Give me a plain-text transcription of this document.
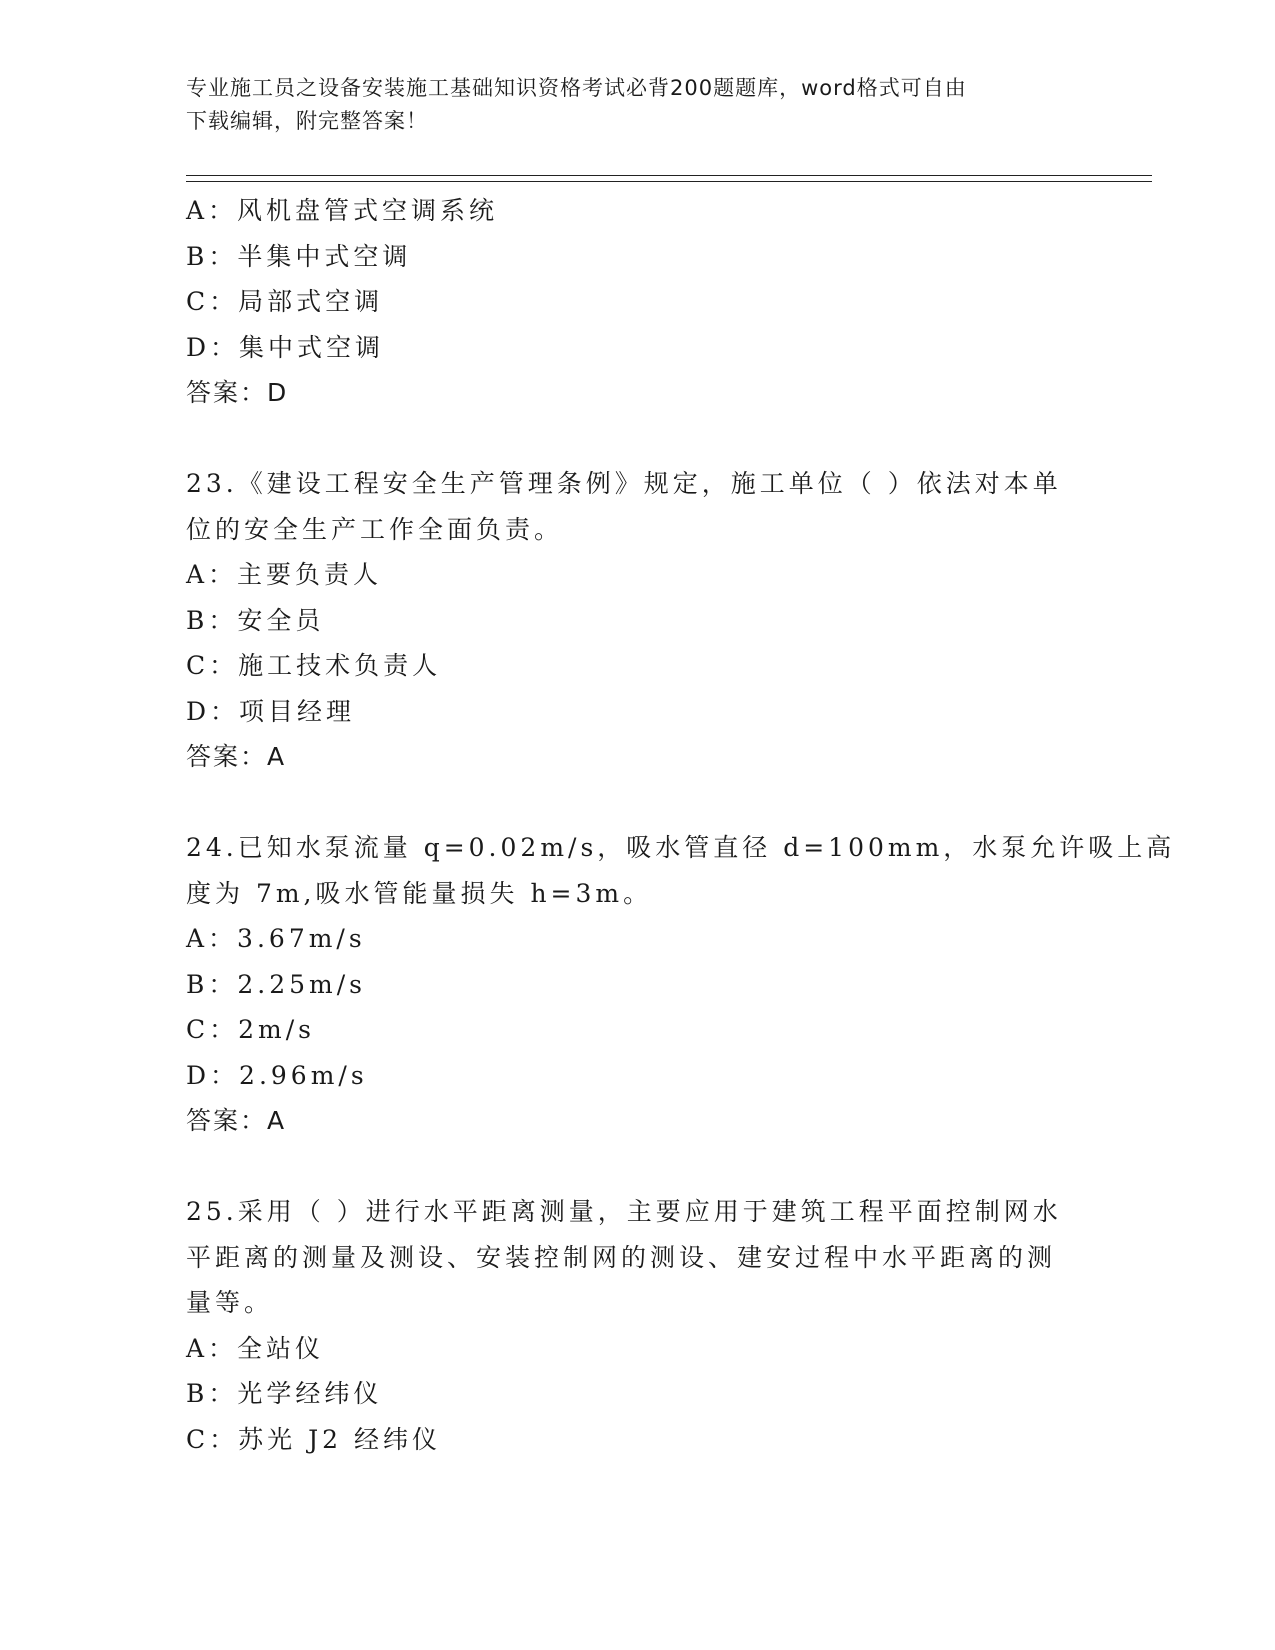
专业施工员之设备安装施工基础知识资格考试必背200题题库，word格式可自由
下载编辑，附完整答案！
A：风机盘管式空调系统
B：半集中式空调
C：局部式空调
D：集中式空调
答案：D
23.《建设工程安全生产管理条例》规定，施工单位（ ）依法对本单
位的安全生产工作全面负责。
A：主要负责人
B：安全员
C：施工技术负责人
D：项目经理
答案：A
24.已知水泵流量 q=0.02m/s，吸水管直径 d=100mm，水泵允许吸上高
度为 7m,吸水管能量损失 h=3m。
A：3.67m/s
B：2.25m/s
C：2m/s
D：2.96m/s
答案：A
25.采用（ ）进行水平距离测量，主要应用于建筑工程平面控制网水
平距离的测量及测设、安装控制网的测设、建安过程中水平距离的测
量等。
A：全站仪
B：光学经纬仪
C：苏光 J2 经纬仪
